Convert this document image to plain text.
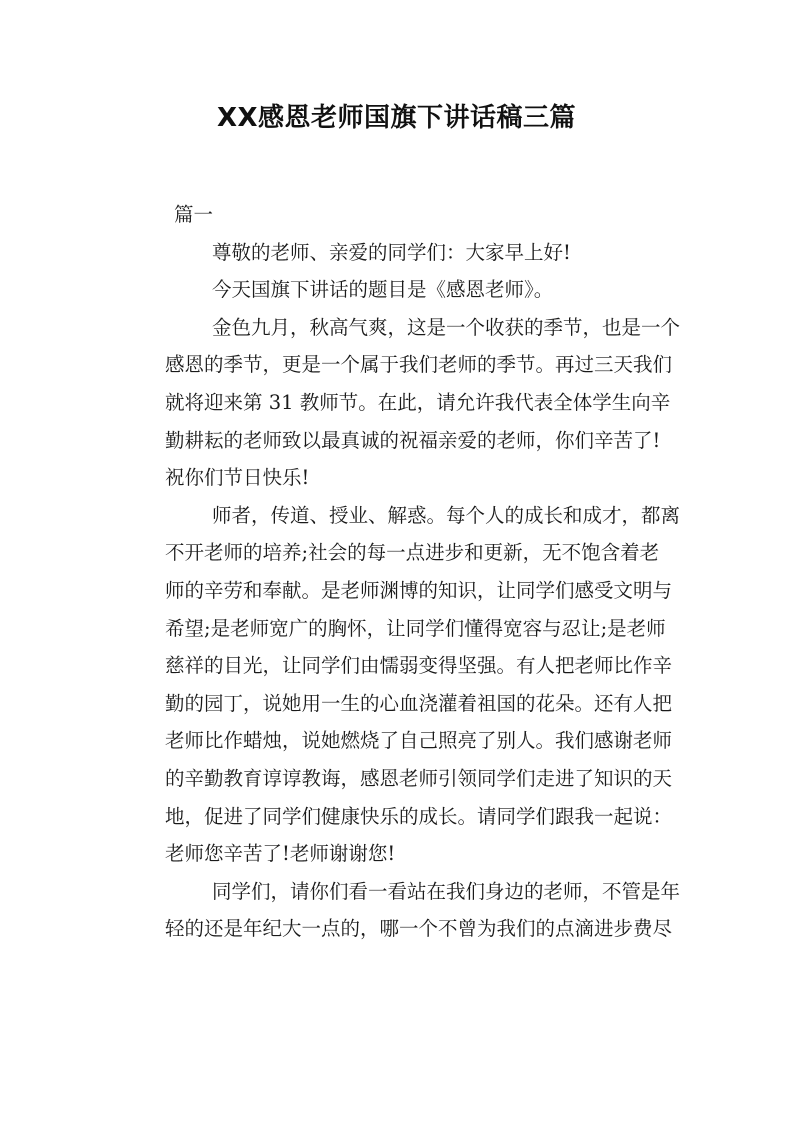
XX感恩老师国旗下讲话稿三篇
篇一
尊敬的老师、亲爱的同学们：大家早上好!
今天国旗下讲话的题目是《感恩老师》。
金色九月，秋高气爽，这是一个收获的季节，也是一个
感恩的季节，更是一个属于我们老师的季节。再过三天我们
就将迎来第 31 教师节。在此，请允许我代表全体学生向辛
勤耕耘的老师致以最真诚的祝福亲爱的老师，你们辛苦了!
祝你们节日快乐!
师者，传道、授业、解惑。每个人的成长和成才，都离
不开老师的培养;社会的每一点进步和更新，无不饱含着老
师的辛劳和奉献。是老师渊博的知识，让同学们感受文明与
希望;是老师宽广的胸怀，让同学们懂得宽容与忍让;是老师
慈祥的目光，让同学们由懦弱变得坚强。有人把老师比作辛
勤的园丁，说她用一生的心血浇灌着祖国的花朵。还有人把
老师比作蜡烛，说她燃烧了自己照亮了别人。我们感谢老师
的辛勤教育谆谆教诲，感恩老师引领同学们走进了知识的天
地，促进了同学们健康快乐的成长。请同学们跟我一起说：
老师您辛苦了!老师谢谢您!
同学们，请你们看一看站在我们身边的老师，不管是年
轻的还是年纪大一点的，哪一个不曾为我们的点滴进步费尽
